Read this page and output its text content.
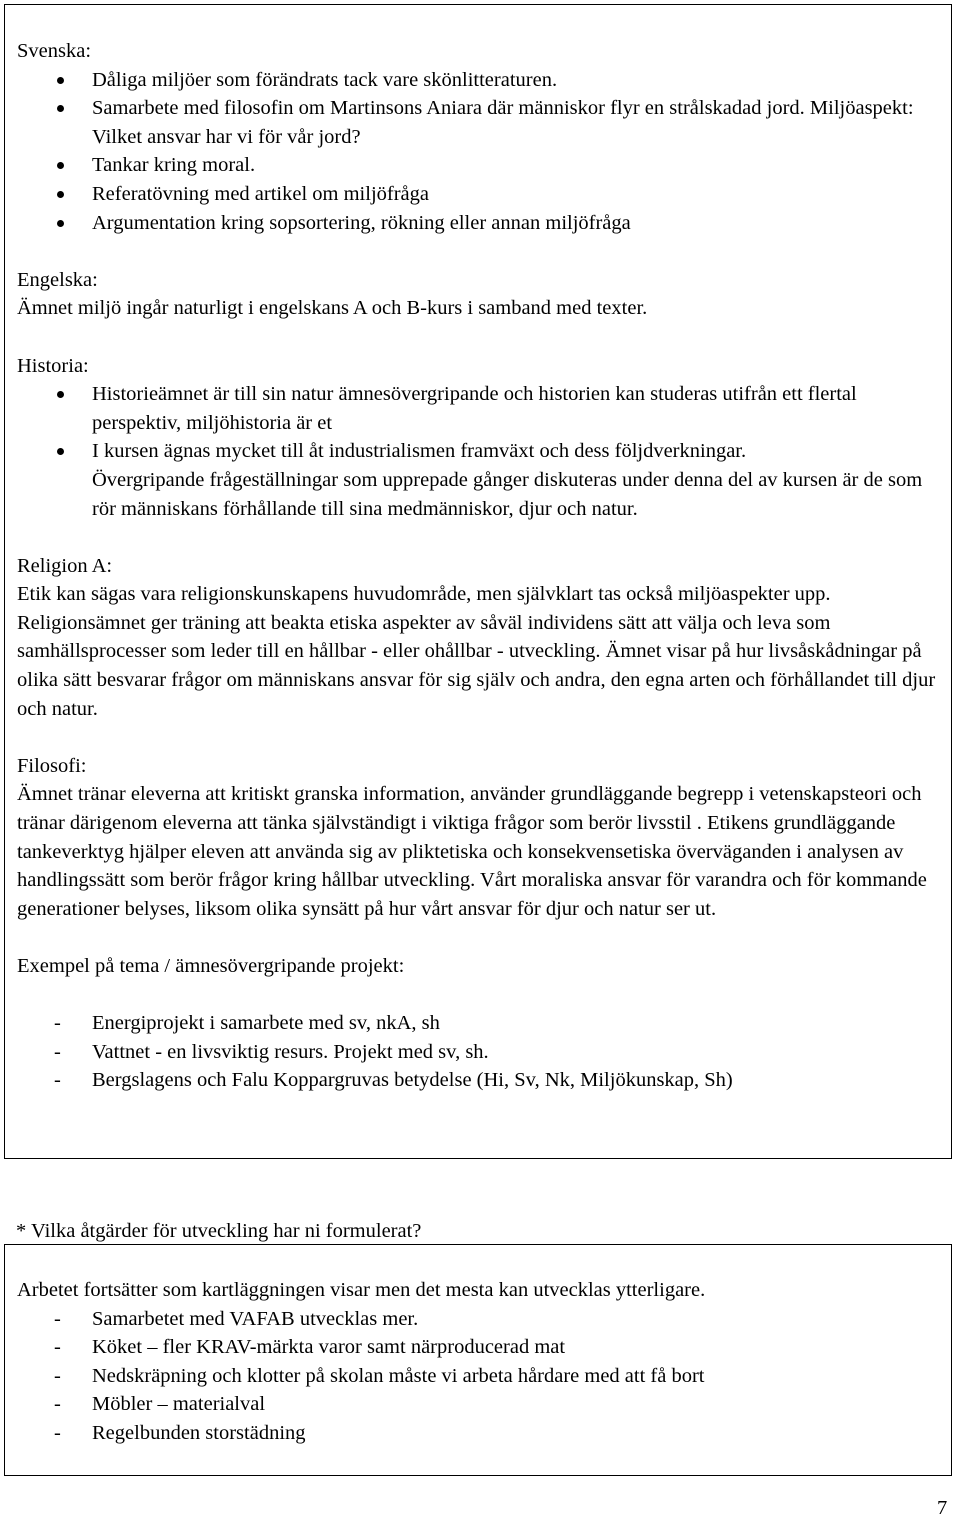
Svenska:
Dåliga miljöer som förändrats tack vare skönlitteraturen.
Samarbete med filosofin om Martinsons Aniara där människor flyr en strålskadad jord. Miljöaspekt: Vilket ansvar har vi för vår jord?
Tankar kring moral.
Referatövning med artikel om miljöfråga
Argumentation kring sopsortering, rökning eller annan miljöfråga
Engelska:
Ämnet miljö ingår naturligt i engelskans A och B-kurs i samband med texter.
Historia:
Historieämnet är till sin natur ämnesövergripande och historien kan studeras utifrån ett flertal perspektiv, miljöhistoria är et
I kursen ägnas mycket till åt industrialismen framväxt och dess följdverkningar.
Övergripande frågeställningar som upprepade gånger diskuteras under denna del av kursen är de som rör människans förhållande till sina medmänniskor, djur och natur.
Religion A:
Etik kan sägas vara religionskunskapens huvudområde, men självklart tas också miljöaspekter upp. Religionsämnet ger träning att beakta etiska aspekter av såväl individens sätt att välja och leva som samhällsprocesser som leder till en hållbar - eller ohållbar - utveckling. Ämnet visar på hur livsåskådningar på olika sätt besvarar frågor om människans ansvar för sig själv och andra, den egna arten och förhållandet till djur och natur.
Filosofi:
Ämnet tränar eleverna att kritiskt granska information, använder grundläggande begrepp i vetenskapsteori och tränar därigenom eleverna att tänka självständigt i viktiga frågor som berör livsstil . Etikens grundläggande tankeverktyg hjälper eleven att använda sig av pliktetiska och konsekvensetiska överväganden i analysen av handlingssätt som berör frågor kring hållbar utveckling. Vårt moraliska ansvar för varandra och för kommande generationer belyses, liksom olika synsätt på hur vårt ansvar för djur och natur ser ut.
Exempel på tema / ämnesövergripande projekt:
- Energiprojekt i samarbete med sv, nkA, sh
- Vattnet - en livsviktig resurs. Projekt med sv, sh.
- Bergslagens och Falu Koppargruvas betydelse (Hi, Sv, Nk, Miljökunskap, Sh)
* Vilka åtgärder för utveckling har ni formulerat?
Arbetet fortsätter som kartläggningen visar men det mesta kan utvecklas ytterligare.
- Samarbetet med VAFAB utvecklas mer.
- Köket – fler KRAV-märkta varor samt närproducerad mat
- Nedskräpning och klotter på skolan måste vi arbeta hårdare med att få bort
- Möbler – materialval
- Regelbunden storstädning
7
